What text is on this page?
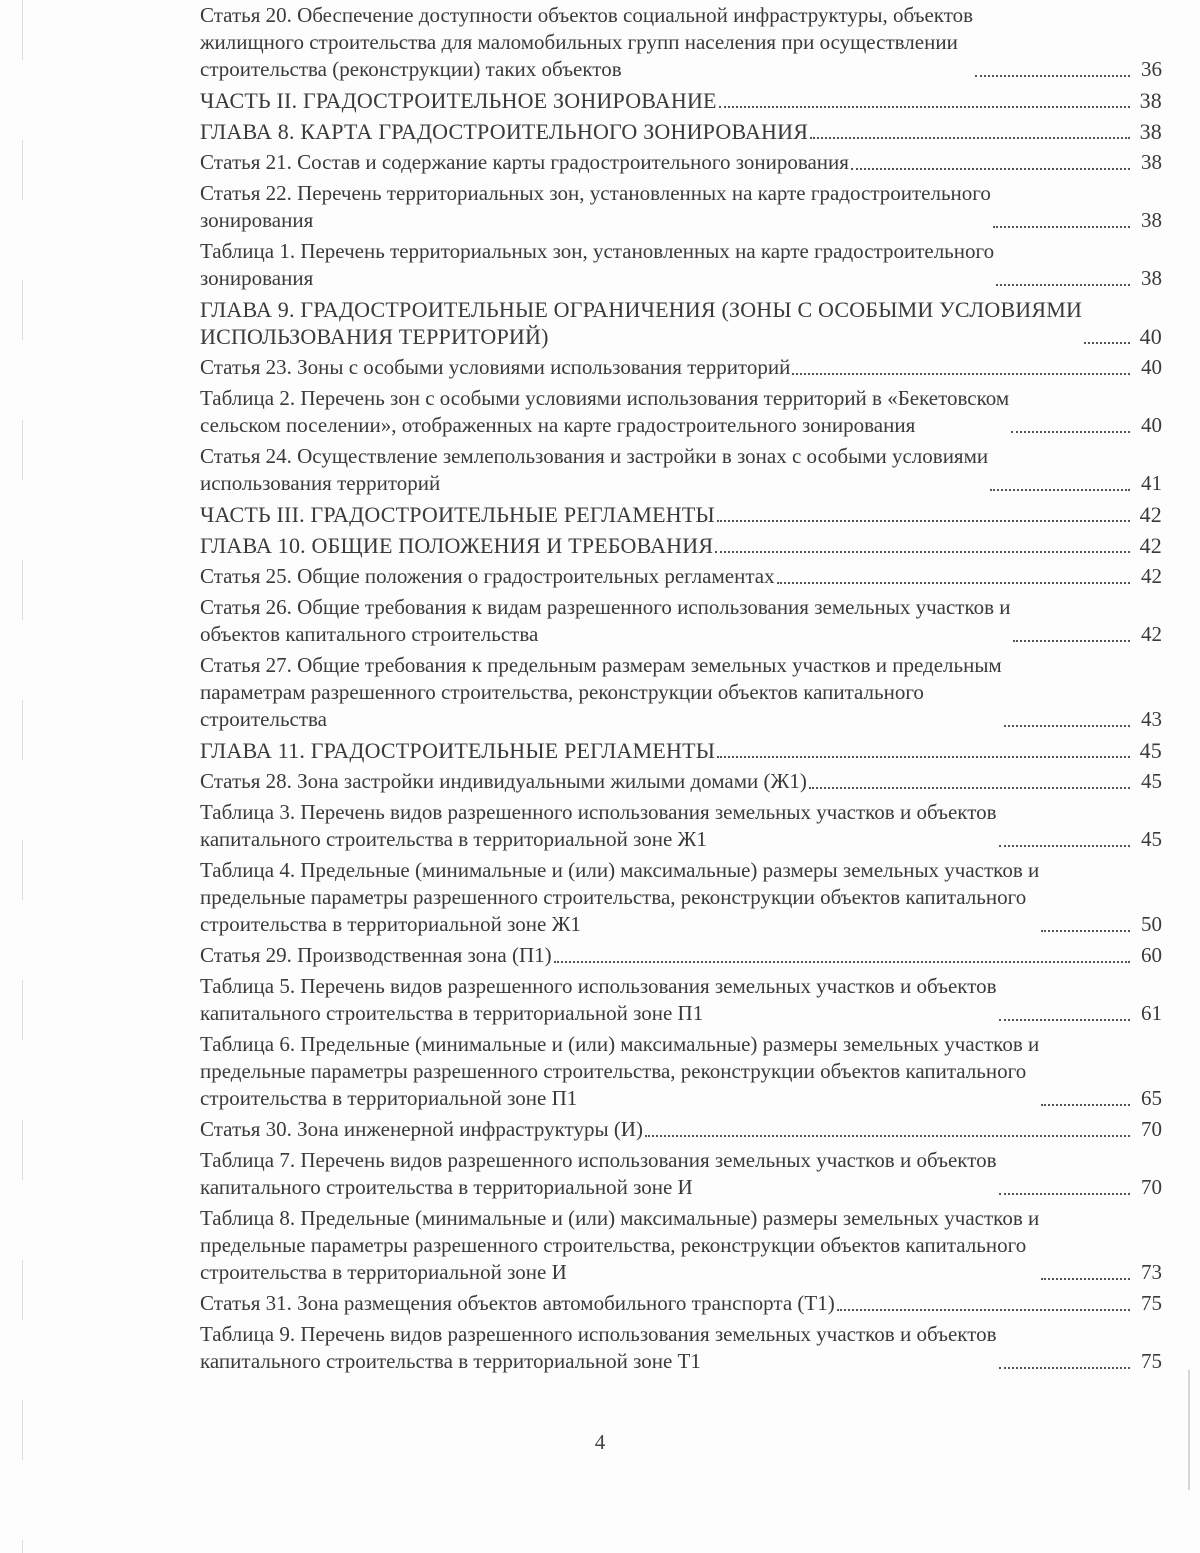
Статья 20. Обеспечение доступности объектов социальной инфраструктуры, объектов
жилищного строительства для маломобильных групп населения при осуществлении
строительства (реконструкции) таких объектов	36
ЧАСТЬ II. ГРАДОСТРОИТЕЛЬНОЕ ЗОНИРОВАНИЕ	38
ГЛАВА 8. КАРТА ГРАДОСТРОИТЕЛЬНОГО ЗОНИРОВАНИЯ	38
Статья 21. Состав и содержание карты градостроительного зонирования	38
Статья 22. Перечень территориальных зон, установленных на карте градостроительного
зонирования	38
Таблица 1. Перечень территориальных зон, установленных на карте градостроительного
зонирования	38
ГЛАВА 9. ГРАДОСТРОИТЕЛЬНЫЕ ОГРАНИЧЕНИЯ (ЗОНЫ С ОСОБЫМИ УСЛОВИЯМИ
ИСПОЛЬЗОВАНИЯ ТЕРРИТОРИЙ)	40
Статья 23. Зоны с особыми условиями использования территорий	40
Таблица 2. Перечень зон с особыми условиями использования территорий в «Бекетовском
сельском поселении», отображенных на карте градостроительного зонирования	40
Статья 24. Осуществление землепользования и застройки в зонах с особыми условиями
использования территорий	41
ЧАСТЬ III. ГРАДОСТРОИТЕЛЬНЫЕ РЕГЛАМЕНТЫ	42
ГЛАВА 10. ОБЩИЕ ПОЛОЖЕНИЯ И ТРЕБОВАНИЯ	42
Статья 25. Общие положения о градостроительных регламентах	42
Статья 26. Общие требования к видам разрешенного использования земельных участков и
объектов капитального строительства	42
Статья 27. Общие требования к предельным размерам земельных участков и предельным
параметрам разрешенного строительства, реконструкции объектов капитального
строительства	43
ГЛАВА 11. ГРАДОСТРОИТЕЛЬНЫЕ РЕГЛАМЕНТЫ	45
Статья 28. Зона застройки индивидуальными жилыми домами (Ж1)	45
Таблица 3. Перечень видов разрешенного использования земельных участков и объектов
капитального строительства в территориальной зоне Ж1	45
Таблица 4. Предельные (минимальные и (или) максимальные) размеры земельных участков и
предельные параметры разрешенного строительства, реконструкции объектов капитального
строительства в территориальной зоне Ж1	50
Статья 29. Производственная зона (П1)	60
Таблица 5. Перечень видов разрешенного использования земельных участков и объектов
капитального строительства в территориальной зоне П1	61
Таблица 6. Предельные (минимальные и (или) максимальные) размеры земельных участков и
предельные параметры разрешенного строительства, реконструкции объектов капитального
строительства в территориальной зоне П1	65
Статья 30. Зона инженерной инфраструктуры (И)	70
Таблица 7. Перечень видов разрешенного использования земельных участков и объектов
капитального строительства в территориальной зоне И	70
Таблица 8. Предельные (минимальные и (или) максимальные) размеры земельных участков и
предельные параметры разрешенного строительства, реконструкции объектов капитального
строительства в территориальной зоне И	73
Статья 31. Зона размещения объектов автомобильного транспорта (Т1)	75
Таблица 9. Перечень видов разрешенного использования земельных участков и объектов
капитального строительства в территориальной зоне Т1	75
4
